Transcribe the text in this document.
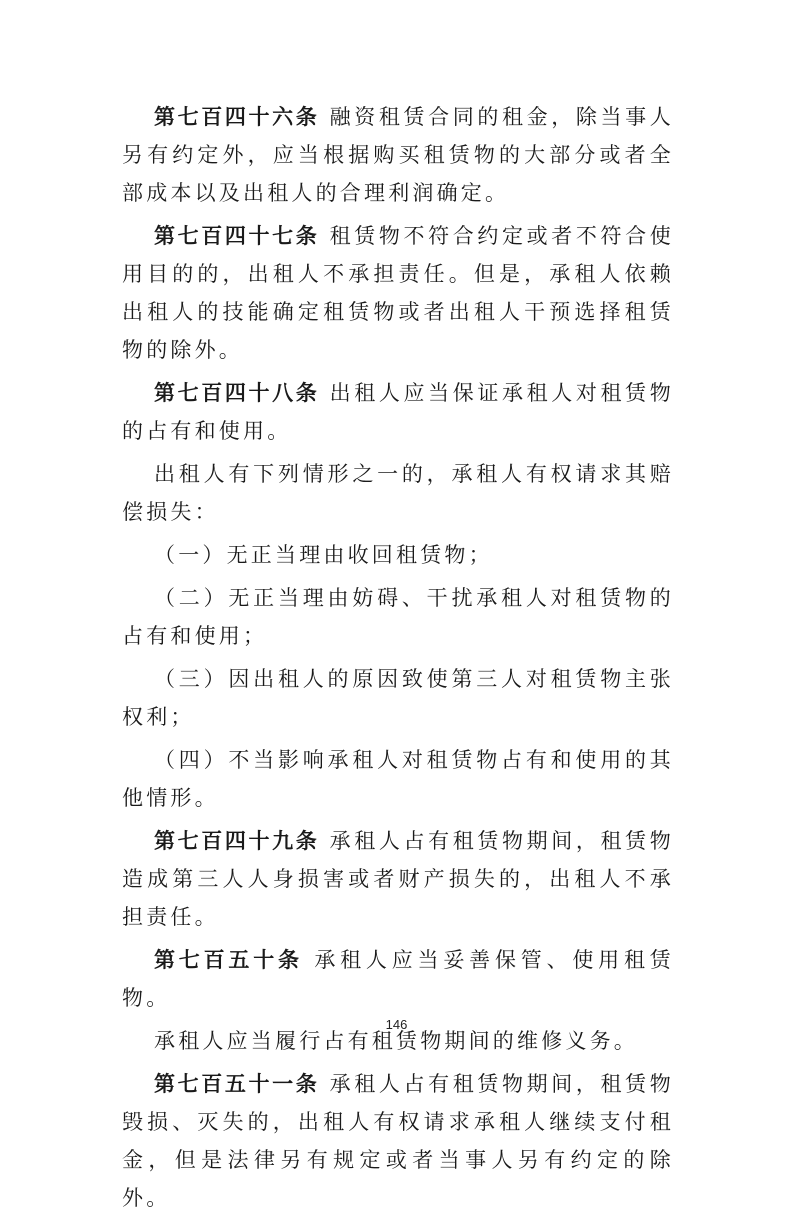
第七百四十六条 融资租赁合同的租金，除当事人另有约定外，应当根据购买租赁物的大部分或者全部成本以及出租人的合理利润确定。

第七百四十七条 租赁物不符合约定或者不符合使用目的的，出租人不承担责任。但是，承租人依赖出租人的技能确定租赁物或者出租人干预选择租赁物的除外。

第七百四十八条 出租人应当保证承租人对租赁物的占有和使用。

出租人有下列情形之一的，承租人有权请求其赔偿损失：

（一）无正当理由收回租赁物；

（二）无正当理由妨碍、干扰承租人对租赁物的占有和使用；

（三）因出租人的原因致使第三人对租赁物主张权利；

（四）不当影响承租人对租赁物占有和使用的其他情形。

第七百四十九条 承租人占有租赁物期间，租赁物造成第三人人身损害或者财产损失的，出租人不承担责任。

第七百五十条 承租人应当妥善保管、使用租赁物。

承租人应当履行占有租赁物期间的维修义务。

第七百五十一条 承租人占有租赁物期间，租赁物毁损、灭失的，出租人有权请求承租人继续支付租金，但是法律另有规定或者当事人另有约定的除外。

146
